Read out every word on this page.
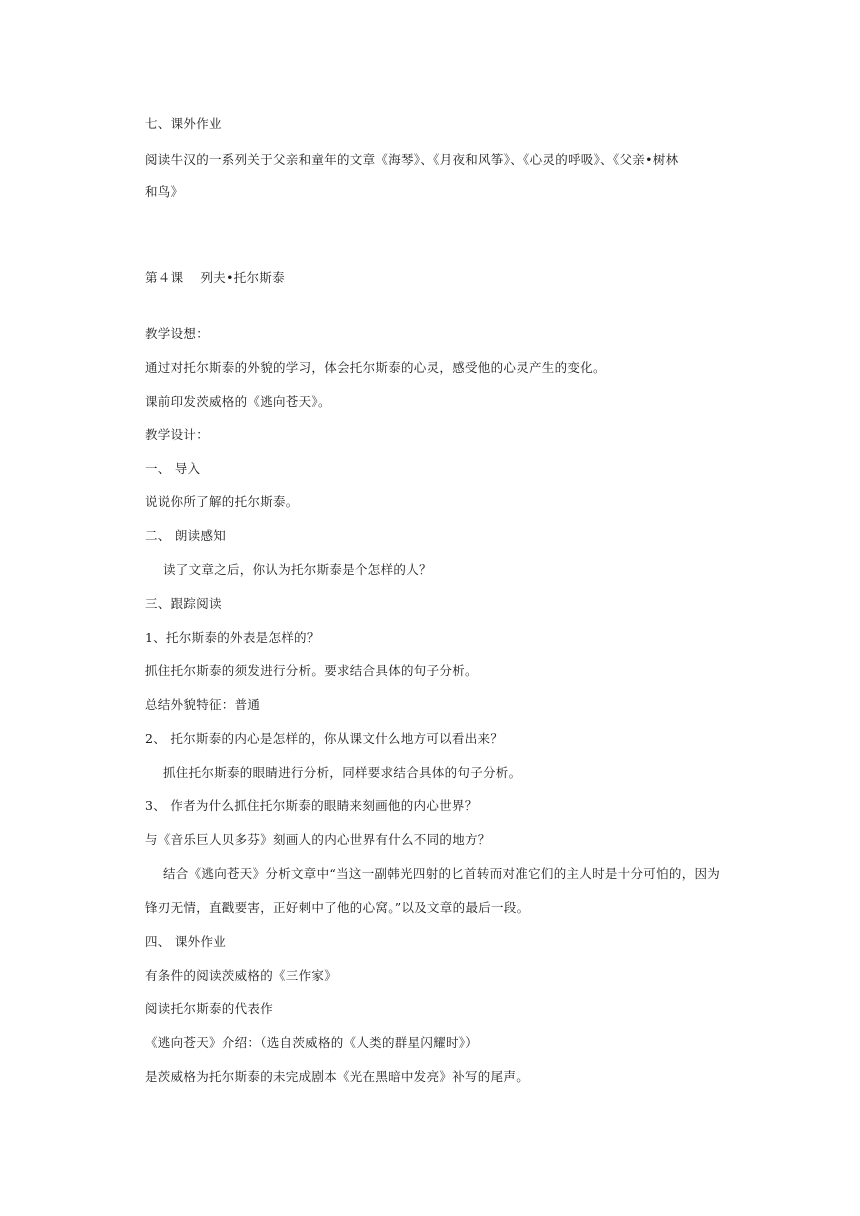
七、课外作业
阅读牛汉的一系列关于父亲和童年的文章《海琴》、《月夜和风筝》、《心灵的呼吸》、《父亲•树林
和鸟》
第４课　 列夫•托尔斯泰
教学设想：
通过对托尔斯泰的外貌的学习，体会托尔斯泰的心灵，感受他的心灵产生的变化。
课前印发茨威格的《逃向苍天》。
教学设计：
一、 导入
说说你所了解的托尔斯泰。
二、 朗读感知
读了文章之后，你认为托尔斯泰是个怎样的人？
三、跟踪阅读
1、托尔斯泰的外表是怎样的？
抓住托尔斯泰的须发进行分析。要求结合具体的句子分析。
总结外貌特征：普通
2、 托尔斯泰的内心是怎样的，你从课文什么地方可以看出来？
抓住托尔斯泰的眼睛进行分析，同样要求结合具体的句子分析。
3、 作者为什么抓住托尔斯泰的眼睛来刻画他的内心世界？
与《音乐巨人贝多芬》刻画人的内心世界有什么不同的地方？
结合《逃向苍天》分析文章中“当这一副韩光四射的匕首转而对准它们的主人时是十分可怕的，因为
锋刃无情，直戳要害，正好刺中了他的心窝。”以及文章的最后一段。
四、 课外作业
有条件的阅读茨威格的《三作家》
阅读托尔斯泰的代表作
《逃向苍天》介绍：（选自茨威格的《人类的群星闪耀时》）
是茨威格为托尔斯泰的未完成剧本《光在黑暗中发亮》补写的尾声。
